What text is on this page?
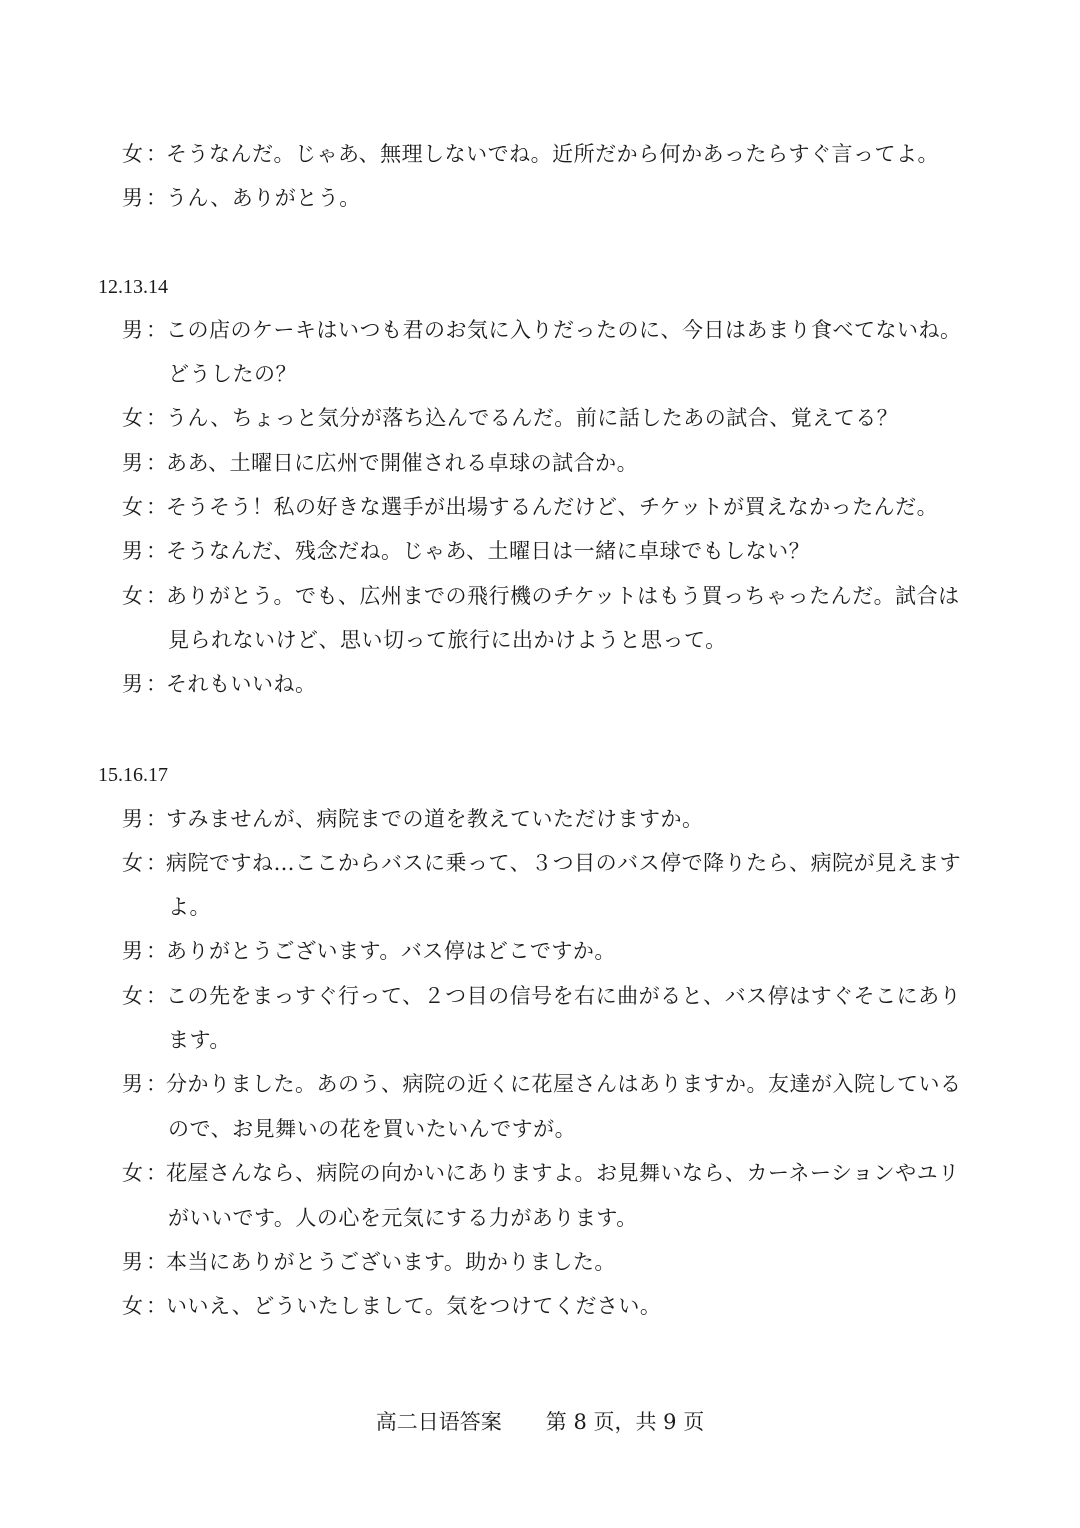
女 ：そうなんだ。じゃあ、無理しないでね。近所だから何かあったらすぐ言ってよ。
男 ：うん、ありがとう。
12.13.14
男 ：この店のケーキはいつも君のお気に入りだったのに、今日はあまり食べてないね。
どうしたの？
女 ：うん、ちょっと気分が落ち込んでるんだ。前に話したあの試合、覚えてる？
男 ：ああ、土曜日に広州で開催される卓球の試合か。
女 ：そうそう！私の好きな選手が出場するんだけど、チケットが買えなかったんだ。
男 ：そうなんだ、残念だね。じゃあ、土曜日は一緒に卓球でもしない？
女 ：ありがとう。でも、広州までの飛行機のチケットはもう買っちゃったんだ。試合は
見られないけど、思い切って旅行に出かけようと思って。
男 ：それもいいね。
15.16.17
男 ：すみませんが、病院までの道を教えていただけますか。
女 ：病院ですね…ここからバスに乗って、３つ目のバス停で降りたら、病院が見えます
よ。
男 ：ありがとうございます。バス停はどこですか。
女 ：この先をまっすぐ行って、２つ目の信号を右に曲がると、バス停はすぐそこにあり
ます。
男 ：分かりました。あのう、病院の近くに花屋さんはありますか。友達が入院している
ので、お見舞いの花を買いたいんですが。
女 ：花屋さんなら、病院の向かいにありますよ。お見舞いなら、カーネーションやユリ
がいいです。人の心を元気にする力があります。
男 ：本当にありがとうございます。助かりました。
女 ：いいえ、どういたしまして。気をつけてください。
高二日语答案 第 8 页，共 9 页
